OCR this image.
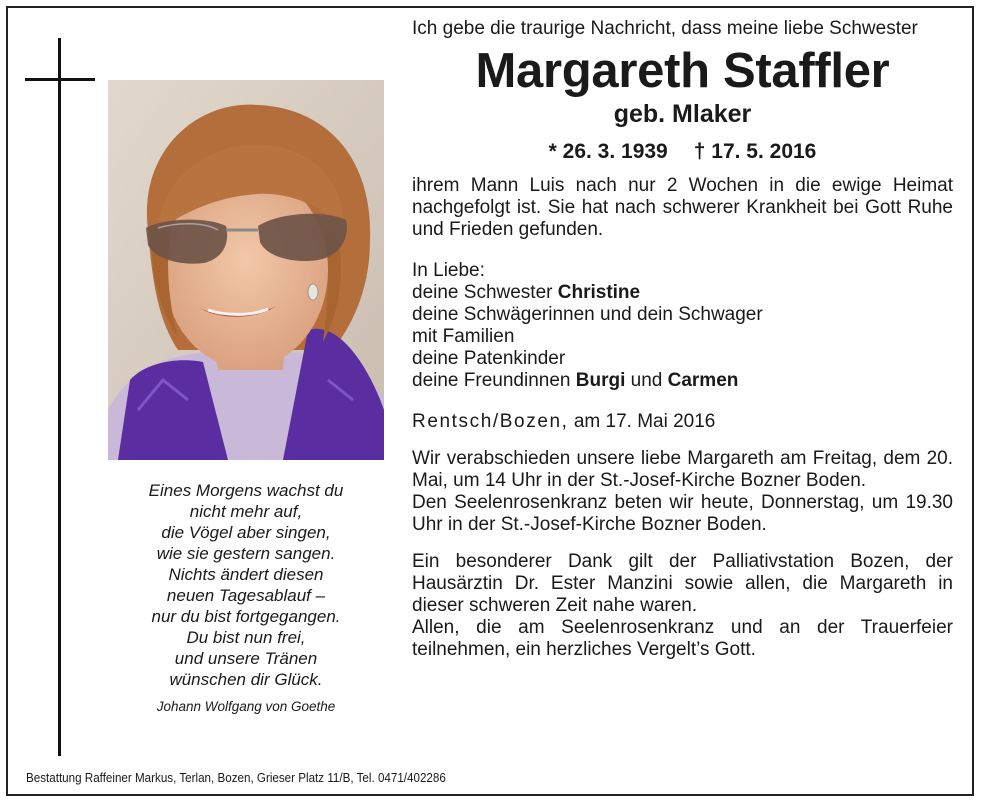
Eines Morgens wachst du
nicht mehr auf,
die Vögel aber singen,
wie sie gestern sangen.
Nichts ändert diesen
neuen Tagesablauf –
nur du bist fortgegangen.
Du bist nun frei,
und unsere Tränen
wünschen dir Glück.
Johann Wolfgang von Goethe

Ich gebe die traurige Nachricht, dass meine liebe Schwester

Margareth Staffler
geb. Mlaker
* 26. 3. 1939 † 17. 5. 2016

ihrem Mann Luis nach nur 2 Wochen in die ewige Heimat nachgefolgt ist. Sie hat nach schwerer Krankheit bei Gott Ruhe und Frieden gefunden.

In Liebe:
deine Schwester Christine
deine Schwägerinnen und dein Schwager
mit Familien
deine Patenkinder
deine Freundinnen Burgi und Carmen
Rentsch/Bozen, am 17. Mai 2016

Wir verabschieden unsere liebe Margareth am Freitag, dem 20. Mai, um 14 Uhr in der St.-Josef-Kirche Bozner Boden.

Den Seelenrosenkranz beten wir heute, Donnerstag, um 19.30 Uhr in der St.-Josef-Kirche Bozner Boden.

Ein besonderer Dank gilt der Palliativstation Bozen, der Hausärztin Dr. Ester Manzini sowie allen, die Margareth in dieser schweren Zeit nahe waren.

Allen, die am Seelenrosenkranz und an der Trauerfeier teilnehmen, ein herzliches Vergelt’s Gott.

Bestattung Raffeiner Markus, Terlan, Bozen, Grieser Platz 11/B, Tel. 0471/402286
